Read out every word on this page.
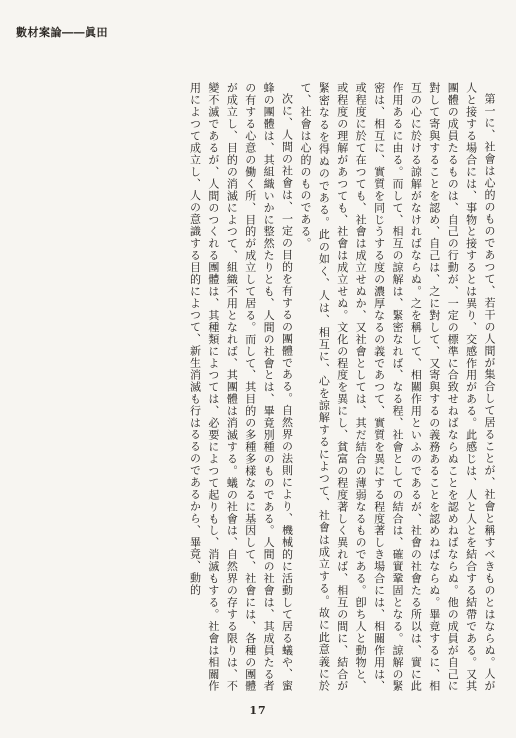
數材案論――眞田

第一に、社會は心的のものであつて、若干の人間が集合して居ることが、社會と稱すべきものとはならぬ。人が人と接する場合には、事物と接するとは異り、交感作用がある。此感じは、人と人とを結合する結帶である。又其團體の成員たるものは、自己の行動が、一定の標準に合致せねばならぬことを認めねばならぬ。他の成員が自己に對して寄與することを認め、自己は、之に對して、又寄與するの義務あることを認めねばならぬ。畢竟するに、相互の心に於ける諒解がなければならぬ。之を稱して、相關作用といふのであるが、社會の社會たる所以は、實に此作用あるに由る。而して、相互の諒解は、緊密なれば、なる程、社會としての結合は、確實鞏固となる。諒解の緊密は、相互に、實質を同じうする度の濃厚なるの義であつて、實質を異にする程度著しき場合には、相關作用は、或程度に於て在つても、社會は成立せぬか、又社會としては、其だ結合の薄弱なるものである。卽ち人と動物と、或程度の理解があつても、社會は成立せぬ。文化の程度を異にし、貧富の程度著しく異れば、相互の間に、結合が緊密なるを得ぬのである。此の如く、人は、相互に、心を諒解するによつて、社會は成立する。故に此意義に於て、社會は心的のものである。

次に、人間の社會は、一定の目的を有するの團體である。自然界の法則により、機械的に活動して居る蟻や、蜜蜂の團體は、其組織いかに整然たりとも、人間の社會とは、畢竟別種のものである。人間の社會は、其成員たる者の有する心意の働く所、目的が成立して居る。而して、其目的の多種多樣なるに基因して、社會には、各種の團體が成立し、目的の消滅によつて、組織不用となれば、其團體は消滅する。蟻の社會は、自然界の存する限りは、不變不滅であるが、人間のつくれる團體は、其種類によつては、必要によつて起りもし、消滅もする。社會は相關作用によつて成立し、人の意識する目的によつて、新生消滅も行はるるのであるから、畢竟、動的

17
